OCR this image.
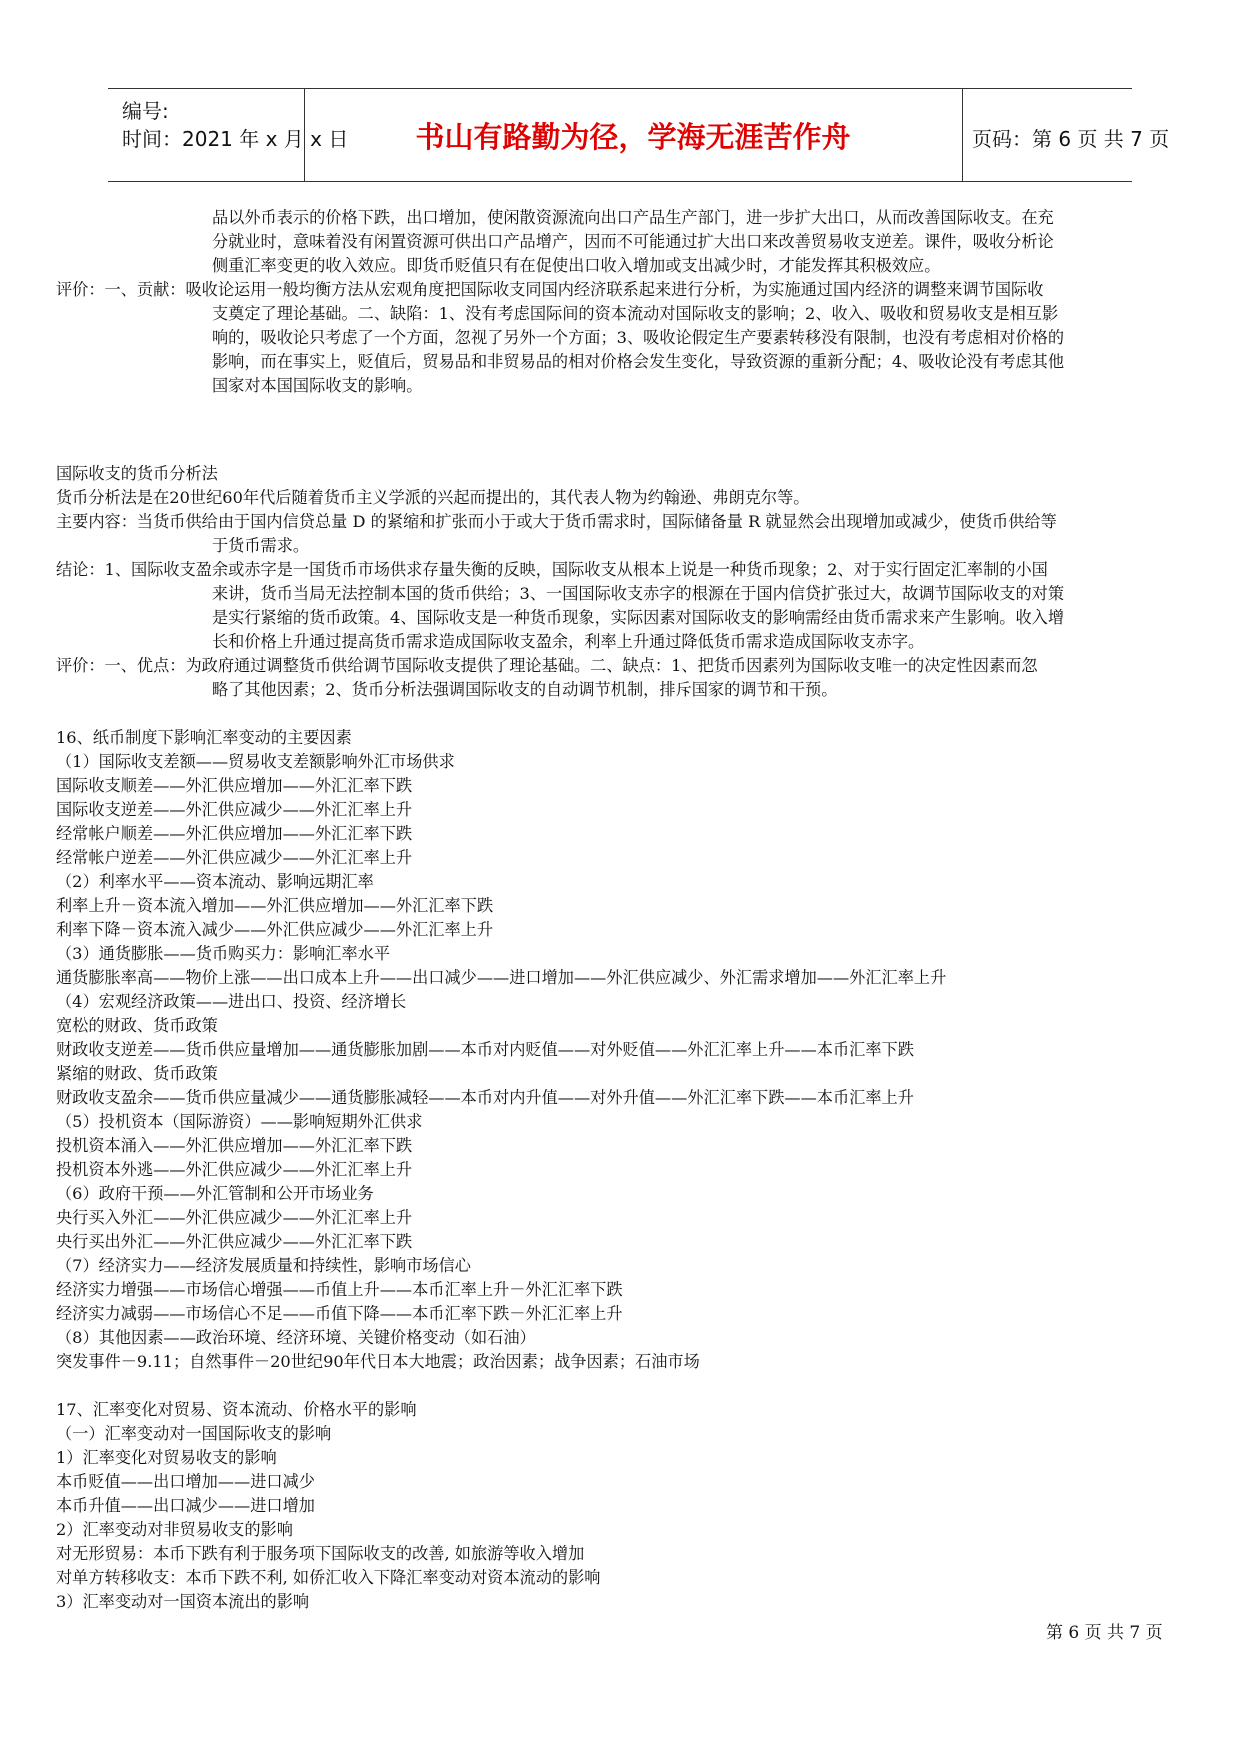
编号:
时间：2021 年 x 月 x 日	书山有路勤为径，学海无涯苦作舟	页码：第 6 页 共 7 页

品以外币表示的价格下跌，出口增加，使闲散资源流向出口产品生产部门，进一步扩大出口，从而改善国际收支。在充

分就业时，意味着没有闲置资源可供出口产品增产，因而不可能通过扩大出口来改善贸易收支逆差。课件，吸收分析论

侧重汇率变更的收入效应。即货币贬值只有在促使出口收入增加或支出减少时，才能发挥其积极效应。

评价：一、贡献：吸收论运用一般均衡方法从宏观角度把国际收支同国内经济联系起来进行分析，为实施通过国内经济的调整来调节国际收

支奠定了理论基础。二、缺陷：1、没有考虑国际间的资本流动对国际收支的影响；2、收入、吸收和贸易收支是相互影

响的，吸收论只考虑了一个方面，忽视了另外一个方面；3、吸收论假定生产要素转移没有限制，也没有考虑相对价格的

影响，而在事实上，贬值后，贸易品和非贸易品的相对价格会发生变化，导致资源的重新分配；4、吸收论没有考虑其他

国家对本国国际收支的影响。

国际收支的货币分析法

货币分析法是在20世纪60年代后随着货币主义学派的兴起而提出的，其代表人物为约翰逊、弗朗克尔等。

主要内容：当货币供给由于国内信贷总量 D 的紧缩和扩张而小于或大于货币需求时，国际储备量 R 就显然会出现增加或减少，使货币供给等

于货币需求。

结论：1、国际收支盈余或赤字是一国货币市场供求存量失衡的反映，国际收支从根本上说是一种货币现象；2、对于实行固定汇率制的小国

来讲，货币当局无法控制本国的货币供给；3、一国国际收支赤字的根源在于国内信贷扩张过大，故调节国际收支的对策

是实行紧缩的货币政策。4、国际收支是一种货币现象，实际因素对国际收支的影响需经由货币需求来产生影响。收入增

长和价格上升通过提高货币需求造成国际收支盈余，利率上升通过降低货币需求造成国际收支赤字。

评价：一、优点：为政府通过调整货币供给调节国际收支提供了理论基础。二、缺点：1、把货币因素列为国际收支唯一的决定性因素而忽

略了其他因素；2、货币分析法强调国际收支的自动调节机制，排斥国家的调节和干预。

16、纸币制度下影响汇率变动的主要因素

（1）国际收支差额——贸易收支差额影响外汇市场供求

国际收支顺差——外汇供应增加——外汇汇率下跌

国际收支逆差——外汇供应减少——外汇汇率上升

经常帐户顺差——外汇供应增加——外汇汇率下跌

经常帐户逆差——外汇供应减少——外汇汇率上升

（2）利率水平——资本流动、影响远期汇率

利率上升－资本流入增加——外汇供应增加——外汇汇率下跌

利率下降－资本流入减少——外汇供应减少——外汇汇率上升

（3）通货膨胀——货币购买力：影响汇率水平

通货膨胀率高——物价上涨——出口成本上升——出口减少——进口增加——外汇供应减少、外汇需求增加——外汇汇率上升

（4）宏观经济政策——进出口、投资、经济增长

宽松的财政、货币政策

财政收支逆差——货币供应量增加——通货膨胀加剧——本币对内贬值——对外贬值——外汇汇率上升——本币汇率下跌

紧缩的财政、货币政策

财政收支盈余——货币供应量减少——通货膨胀减轻——本币对内升值——对外升值——外汇汇率下跌——本币汇率上升

（5）投机资本（国际游资）——影响短期外汇供求

投机资本涌入——外汇供应增加——外汇汇率下跌

投机资本外逃——外汇供应减少——外汇汇率上升

（6）政府干预——外汇管制和公开市场业务

央行买入外汇——外汇供应减少——外汇汇率上升

央行买出外汇——外汇供应减少——外汇汇率下跌

（7）经济实力——经济发展质量和持续性，影响市场信心

经济实力增强——市场信心增强——币值上升——本币汇率上升－外汇汇率下跌

经济实力减弱——市场信心不足——币值下降——本币汇率下跌－外汇汇率上升

（8）其他因素——政治环境、经济环境、关键价格变动（如石油）

突发事件－9.11；自然事件－20世纪90年代日本大地震；政治因素；战争因素；石油市场

17、汇率变化对贸易、资本流动、价格水平的影响

（一）汇率变动对一国国际收支的影响

1）汇率变化对贸易收支的影响

本币贬值——出口增加——进口减少

本币升值——出口减少——进口增加

2）汇率变动对非贸易收支的影响

对无形贸易：本币下跌有利于服务项下国际收支的改善, 如旅游等收入增加

对单方转移收支：本币下跌不利, 如侨汇收入下降汇率变动对资本流动的影响

3）汇率变动对一国资本流出的影响

第 6 页 共 7 页
